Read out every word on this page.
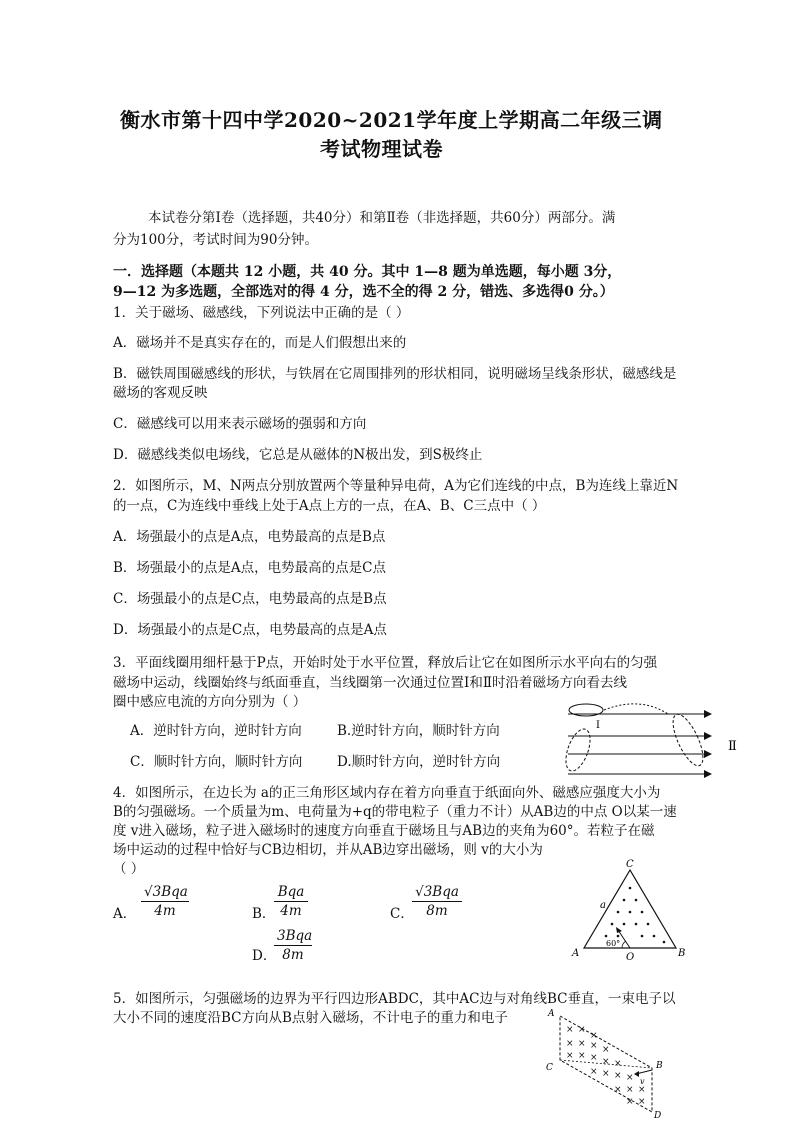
衡水市第十四中学2020~2021学年度上学期高二年级三调
考试物理试卷
本试卷分第Ⅰ卷（选择题，共40分）和第Ⅱ卷（非选择题，共60分）两部分。满
分为100分，考试时间为90分钟。
一．选择题（本题共 12 小题，共 40 分。其中 1—8 题为单选题，每小题 3分，
9—12 为多选题，全部选对的得 4 分，选不全的得 2 分，错选、多选得0 分。）
1．关于磁场、磁感线，下列说法中正确的是（ ）
A．磁场并不是真实存在的，而是人们假想出来的
B．磁铁周围磁感线的形状，与铁屑在它周围排列的形状相同，说明磁场呈线条形状，磁感线是
磁场的客观反映
C．磁感线可以用来表示磁场的强弱和方向
D．磁感线类似电场线，它总是从磁体的N极出发，到S极终止
2．如图所示，M、N两点分别放置两个等量种异电荷，A为它们连线的中点，B为连线上靠近N
的一点，C为连线中垂线上处于A点上方的一点，在A、B、C三点中（ ）
A．场强最小的点是A点，电势最高的点是B点
B．场强最小的点是A点，电势最高的点是C点
C．场强最小的点是C点，电势最高的点是B点
D．场强最小的点是C点，电势最高的点是A点
3．平面线圈用细杆悬于P点，开始时处于水平位置，释放后让它在如图所示水平向右的匀强
磁场中运动，线圈始终与纸面垂直，当线圈第一次通过位置Ⅰ和Ⅱ时沿着磁场方向看去线
圈中感应电流的方向分别为（ ）
A．逆时针方向，逆时针方向	B.逆时针方向，顺时针方向
C．顺时针方向，顺时针方向	D.顺时针方向，逆时针方向
Ⅰ
Ⅱ
4．如图所示，在边长为 a的正三角形区域内存在着方向垂直于纸面向外、磁感应强度大小为
B的匀强磁场。一个质量为m、电荷量为+q的带电粒子（重力不计）从AB边的中点 O以某一速
度 v进入磁场，粒子进入磁场时的速度方向垂直于磁场且与AB边的夹角为60°。若粒子在磁
场中运动的过程中恰好与CB边相切，并从AB边穿出磁场，则 v的大小为
（ ）
A．
√3Bqa
4m	B．
Bqa
4m	C．
√3Bqa
8m
D．
3Bqa
8m
C
A	B
O
a
60°
5．如图所示，匀强磁场的边界为平行四边形ABDC，其中AC边与对角线BC垂直，一束电子以
大小不同的速度沿BC方向从B点射入磁场，不计电子的重力和电子
× ×
×
× × × ×
× × × × ×
× × × ×
× × ×
× ×
A
B
C
D
v
